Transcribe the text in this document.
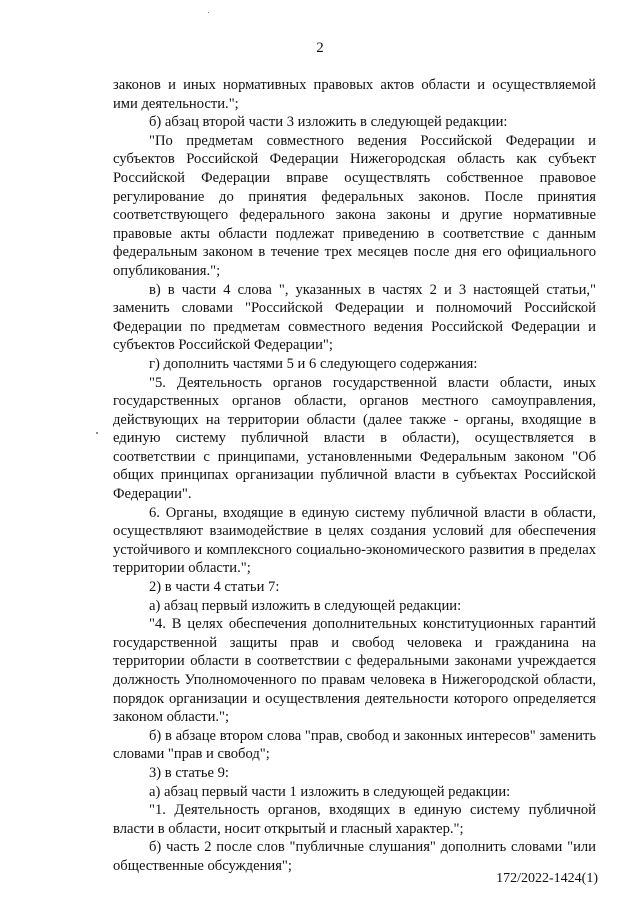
2

законов и иных нормативных правовых актов области и осуществляемой ими деятельности.";

б) абзац второй части 3 изложить в следующей редакции:

"По предметам совместного ведения Российской Федерации и субъектов Российской Федерации Нижегородская область как субъект Российской Федерации вправе осуществлять собственное правовое регулирование до принятия федеральных законов. После принятия соответствующего федерального закона законы и другие нормативные правовые акты области подлежат приведению в соответствие с данным федеральным законом в течение трех месяцев после дня его официального опубликования.";

в) в части 4 слова ", указанных в частях 2 и 3 настоящей статьи," заменить словами "Российской Федерации и полномочий Российской Федерации по предметам совместного ведения Российской Федерации и субъектов Российской Федерации";

г) дополнить частями 5 и 6 следующего содержания:

"5. Деятельность органов государственной власти области, иных государственных органов области, органов местного самоуправления, действующих на территории области (далее также - органы, входящие в единую систему публичной власти в области), осуществляется в соответствии с принципами, установленными Федеральным законом "Об общих принципах организации публичной власти в субъектах Российской Федерации".

6. Органы, входящие в единую систему публичной власти в области, осуществляют взаимодействие в целях создания условий для обеспечения устойчивого и комплексного социально-экономического развития в пределах территории области.";

2) в части 4 статьи 7:

а) абзац первый изложить в следующей редакции:

"4. В целях обеспечения дополнительных конституционных гарантий государственной защиты прав и свобод человека и гражданина на территории области в соответствии с федеральными законами учреждается должность Уполномоченного по правам человека в Нижегородской области, порядок организации и осуществления деятельности которого определяется законом области.";

б) в абзаце втором слова "прав, свобод и законных интересов" заменить словами "прав и свобод";

3) в статье 9:

а) абзац первый части 1 изложить в следующей редакции:

"1. Деятельность органов, входящих в единую систему публичной власти в области, носит открытый и гласный характер.";

б) часть 2 после слов "публичные слушания" дополнить словами "или общественные обсуждения";

172/2022-1424(1)
